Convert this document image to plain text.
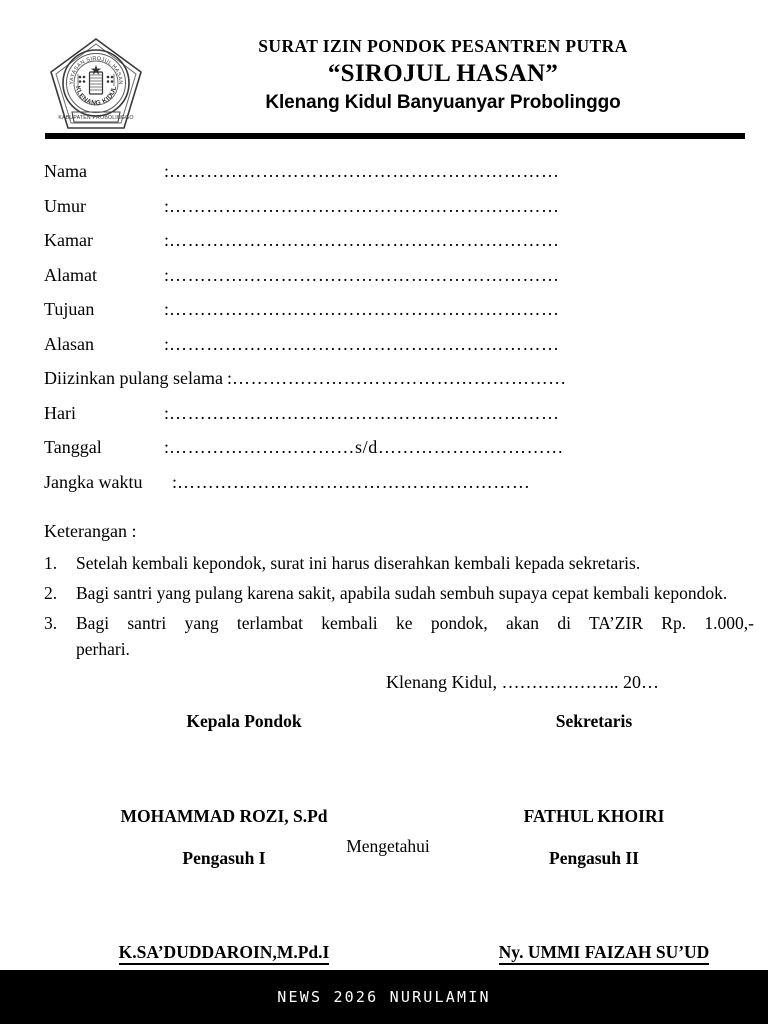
YAYASAN SIROJUL HASAN
KLENANG KIDUL
KABUPATEN PROBOLINGGO
SURAT IZIN PONDOK PESANTREN PUTRA
“SIROJUL HASAN”
Klenang Kidul Banyuanyar Probolinggo
Nama	:………………………………………………………
Umur	:………………………………………………………
Kamar	:………………………………………………………
Alamat	:………………………………………………………
Tujuan	:………………………………………………………
Alasan	:………………………………………………………
Diizinkan pulang selama :………………………………………………
Hari	:………………………………………………………
Tanggal	:…………………………s/d…………………………
Jangka waktu :…………………………………………………
Keterangan :
1. Setelah kembali kepondok, surat ini harus diserahkan kembali kepada sekretaris.
2. Bagi santri yang pulang karena sakit, apabila sudah sembuh supaya cepat kembali kepondok.
3. Bagi santri yang terlambat kembali ke pondok, akan di TA’ZIR Rp. 1.000,-
perhari.
Klenang Kidul, ……………….. 20…
Kepala Pondok	Sekretaris
MOHAMMAD ROZI, S.Pd	FATHUL KHOIRI
Mengetahui
Pengasuh I	Pengasuh II
K.SA’DUDDAROIN,M.Pd.I	Ny. UMMI FAIZAH SU’UD
NEWS 2026 NURULAMIN
